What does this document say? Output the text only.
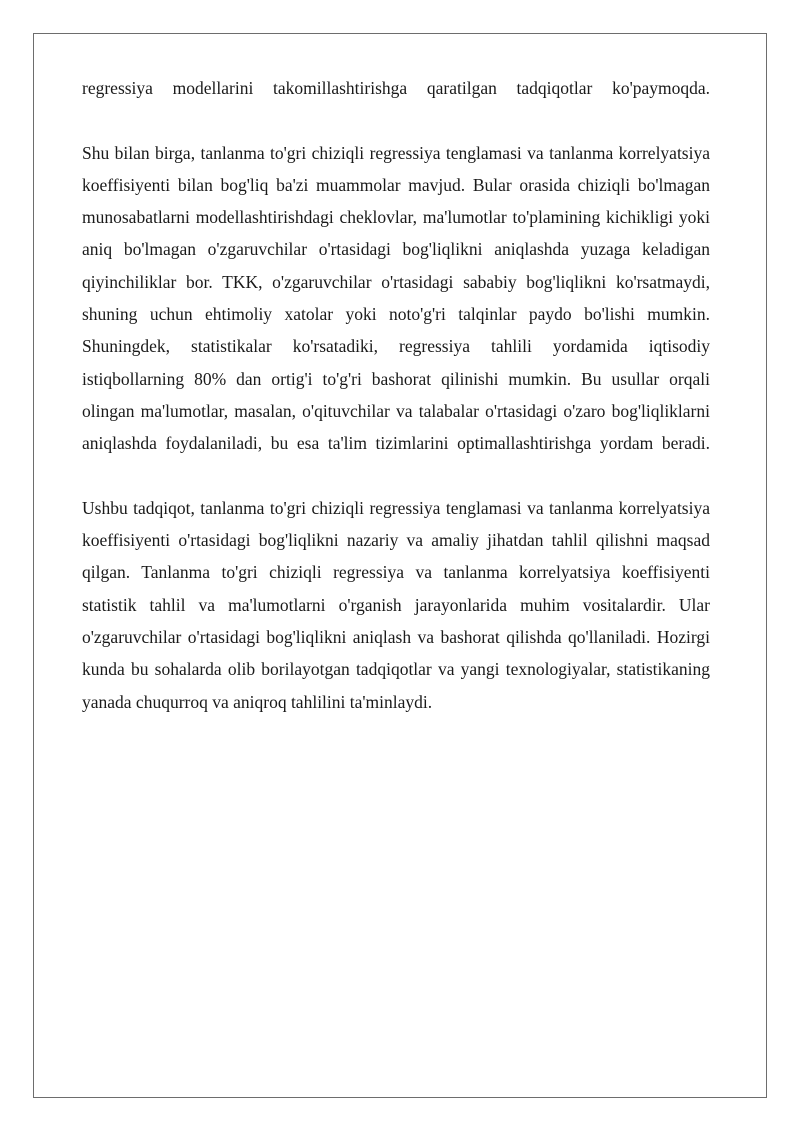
regressiya modellarini takomillashtirishga qaratilgan tadqiqotlar ko'paymoqda.

Shu bilan birga, tanlanma to'gri chiziqli regressiya tenglamasi va tanlanma korrelyatsiya koeffisiyenti bilan bog'liq ba'zi muammolar mavjud. Bular orasida chiziqli bo'lmagan munosabatlarni modellashtirishdagi cheklovlar, ma'lumotlar to'plamining kichikligi yoki aniq bo'lmagan o'zgaruvchilar o'rtasidagi bog'liqlikni aniqlashda yuzaga keladigan qiyinchiliklar bor. TKK, o'zgaruvchilar o'rtasidagi sababiy bog'liqlikni ko'rsatmaydi, shuning uchun ehtimoliy xatolar yoki noto'g'ri talqinlar paydo bo'lishi mumkin. Shuningdek, statistikalar ko'rsatadiki, regressiya tahlili yordamida iqtisodiy istiqbollarning 80% dan ortig'i to'g'ri bashorat qilinishi mumkin. Bu usullar orqali olingan ma'lumotlar, masalan, o'qituvchilar va talabalar o'rtasidagi o'zaro bog'liqliklarni aniqlashda foydalaniladi, bu esa ta'lim tizimlarini optimallashtirishga yordam beradi.

Ushbu tadqiqot, tanlanma to'gri chiziqli regressiya tenglamasi va tanlanma korrelyatsiya koeffisiyenti o'rtasidagi bog'liqlikni nazariy va amaliy jihatdan tahlil qilishni maqsad qilgan. Tanlanma to'gri chiziqli regressiya va tanlanma korrelyatsiya koeffisiyenti statistik tahlil va ma'lumotlarni o'rganish jarayonlarida muhim vositalardir. Ular o'zgaruvchilar o'rtasidagi bog'liqlikni aniqlash va bashorat qilishda qo'llaniladi. Hozirgi kunda bu sohalarda olib borilayotgan tadqiqotlar va yangi texnologiyalar, statistikaning yanada chuqurroq va aniqroq tahlilini ta'minlaydi.
